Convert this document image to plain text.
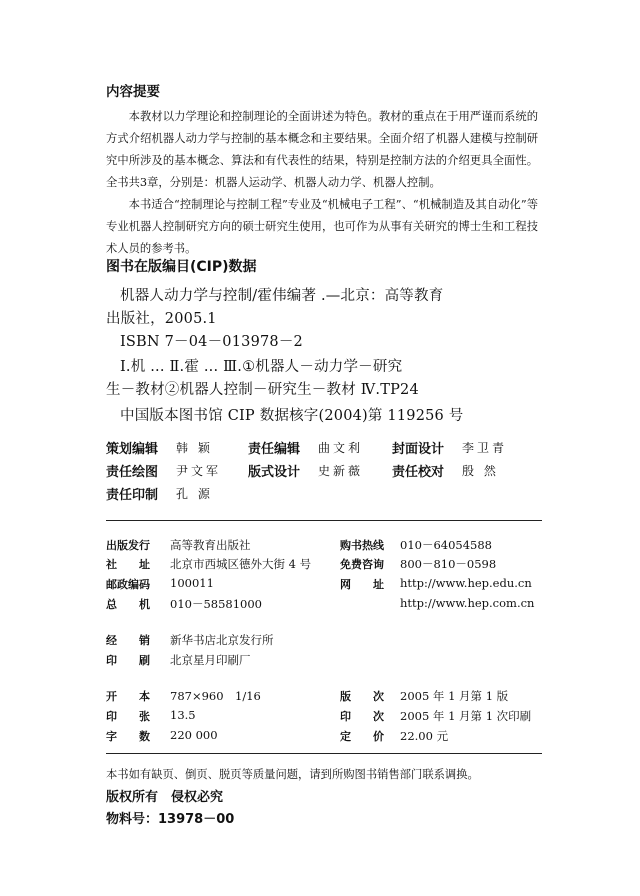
内容提要

本教材以力学理论和控制理论的全面讲述为特色。教材的重点在于用严谨而系统的方式介绍机器人动力学与控制的基本概念和主要结果。全面介绍了机器人建模与控制研究中所涉及的基本概念、算法和有代表性的结果，特别是控制方法的介绍更具全面性。全书共3章，分别是：机器人运动学、机器人动力学、机器人控制。

本书适合“控制理论与控制工程”专业及“机械电子工程”、“机械制造及其自动化”等专业机器人控制研究方向的硕士研究生使用，也可作为从事有关研究的博士生和工程技术人员的参考书。

图书在版编目(CIP)数据
机器人动力学与控制/霍伟编著 .—北京：高等教育
出版社，2005.1
ISBN 7－04－013978－2
Ⅰ.机 ... Ⅱ.霍 ... Ⅲ.①机器人－动力学－研究
生－教材②机器人控制－研究生－教材 Ⅳ.TP24
中国版本图书馆 CIP 数据核字(2004)第 119256 号
策划编辑 韩 颖	责任编辑 曲文利 封面设计 李卫青
责任绘图 尹文军 版式设计 史新薇 责任校对 殷 然
责任印制 孔 源
出版发行 高等教育出版社
社　　址 北京市西城区德外大街 4 号
邮政编码 100011
总　　机 010－58581000
购书热线 010－64054588
免费咨询 800－810－0598
网　　址 http://www.hep.edu.cn
http://www.hep.com.cn
经　　销 新华书店北京发行所
印　　刷 北京星月印刷厂
开　　本 787×960　1/16
印　　张 13.5
字　　数 220 000
版　　次 2005 年 1 月第 1 版
印　　次 2005 年 1 月第 1 次印刷
定　　价 22.00 元
本书如有缺页、倒页、脱页等质量问题，请到所购图书销售部门联系调换。
版权所有　侵权必究
物料号：13978－00
